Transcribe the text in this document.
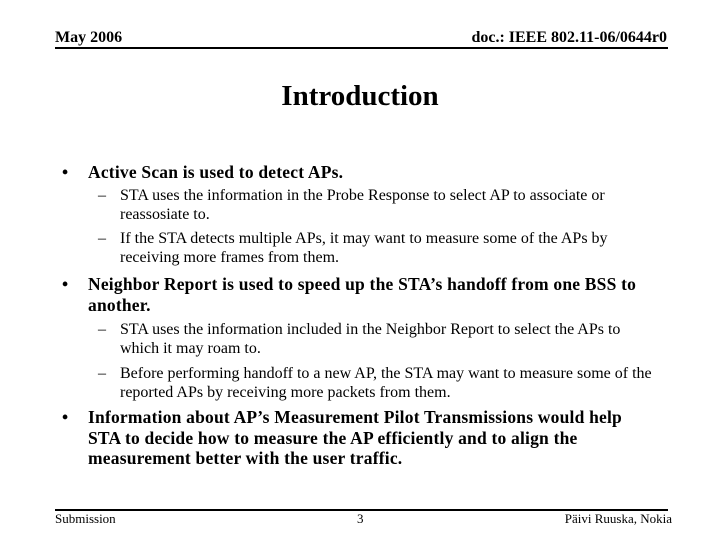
May 2006	doc.: IEEE 802.11-06/0644r0
Introduction
• Active Scan is used to detect APs.
– STA uses the information in the Probe Response to select AP to associate or reassosiate to.
– If the STA detects multiple APs, it may want to measure some of the APs by receiving more frames from them.
• Neighbor Report is used to speed up the STA’s handoff from one BSS to another.
– STA uses the information included in the Neighbor Report to select the APs to which it may roam to.
– Before performing handoff to a new AP, the STA may want to measure some of the reported APs by receiving more packets from them.
• Information about AP’s Measurement Pilot Transmissions would help STA to decide how to measure the AP efficiently and to align the measurement better with the user traffic.
Submission	3	Päivi Ruuska, Nokia
